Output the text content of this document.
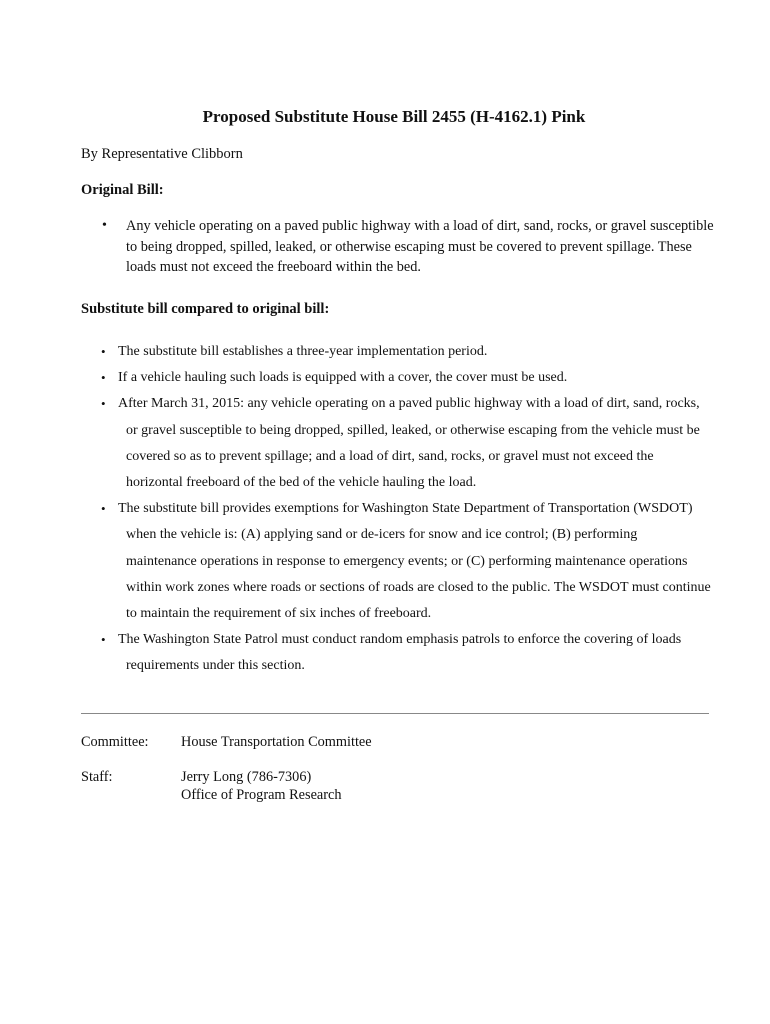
Proposed Substitute House Bill 2455 (H-4162.1) Pink
By Representative Clibborn
Original Bill:
• Any vehicle operating on a paved public highway with a load of dirt, sand, rocks, or gravel susceptible to being dropped, spilled, leaked, or otherwise escaping must be covered to prevent spillage. These loads must not exceed the freeboard within the bed.
Substitute bill compared to original bill:
• The substitute bill establishes a three-year implementation period.
• If a vehicle hauling such loads is equipped with a cover, the cover must be used.
• After March 31, 2015: any vehicle operating on a paved public highway with a load of dirt, sand, rocks, or gravel susceptible to being dropped, spilled, leaked, or otherwise escaping from the vehicle must be covered so as to prevent spillage; and a load of dirt, sand, rocks, or gravel must not exceed the horizontal freeboard of the bed of the vehicle hauling the load.
• The substitute bill provides exemptions for Washington State Department of Transportation (WSDOT) when the vehicle is: (A) applying sand or de-icers for snow and ice control; (B) performing maintenance operations in response to emergency events; or (C) performing maintenance operations within work zones where roads or sections of roads are closed to the public. The WSDOT must continue to maintain the requirement of six inches of freeboard.
• The Washington State Patrol must conduct random emphasis patrols to enforce the covering of loads requirements under this section.
Committee: House Transportation Committee
Staff:	Jerry Long (786-7306)
Office of Program Research
